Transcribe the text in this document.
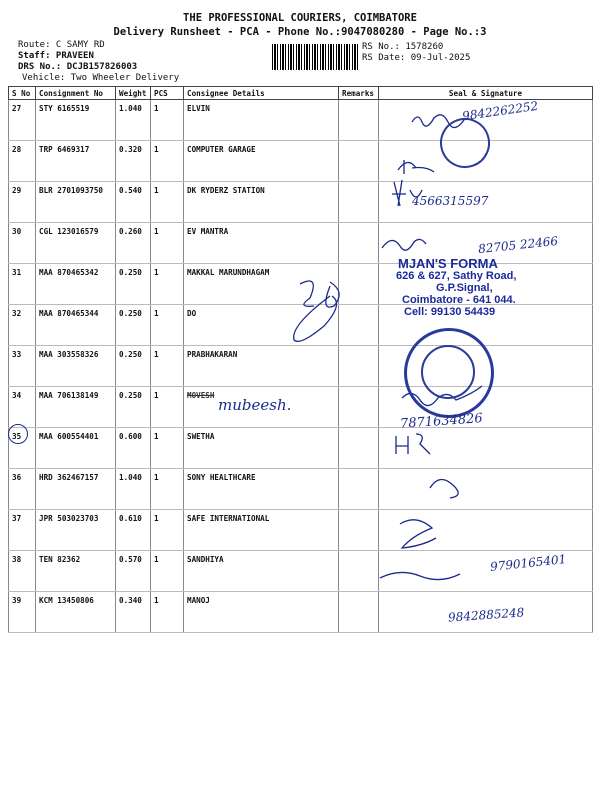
THE PROFESSIONAL COURIERS, COIMBATORE
Delivery Runsheet - PCA - Phone No.:9047080280 - Page No.:3
Route: C SAMY RD
Staff: PRAVEEN
DRS No.: DCJB157826003
Vehicle: Two Wheeler Delivery
RS No.: 1578260
RS Date: 09-Jul-2025
S No	Consignment No	Weight	PCS	Consignee Details	Remarks	Seal & Signature
27	STY 6165519	1.040	1	ELVIN		
28	TRP 6469317	0.320	1	COMPUTER GARAGE		
29	BLR 2701093750	0.540	1	DK RYDERZ STATION		
30	CGL 123016579	0.260	1	EV MANTRA		
31	MAA 870465342	0.250	1	MAKKAL MARUNDHAGAM		
32	MAA 870465344	0.250	1	DO		
33	MAA 303558326	0.250	1	PRABHAKARAN		
34	MAA 706138149	0.250	1	MOVESH		
35	MAA 600554401	0.600	1	SWETHA		
36	HRD 362467157	1.040	1	SONY HEALTHCARE		
37	JPR 503023703	0.610	1	SAFE INTERNATIONAL		
38	TEN 82362	0.570	1	SANDHIYA		
39	KCM 13450806	0.340	1	MANOJ		
9842262252
4566315597
82705 22466
MJAN'S FORMA
626 & 627, Sathy Road,
G.P.Signal,
Coimbatore - 641 044.
Cell: 99130 54439
mubeesh.
7871634826
9790165401
9842885248
